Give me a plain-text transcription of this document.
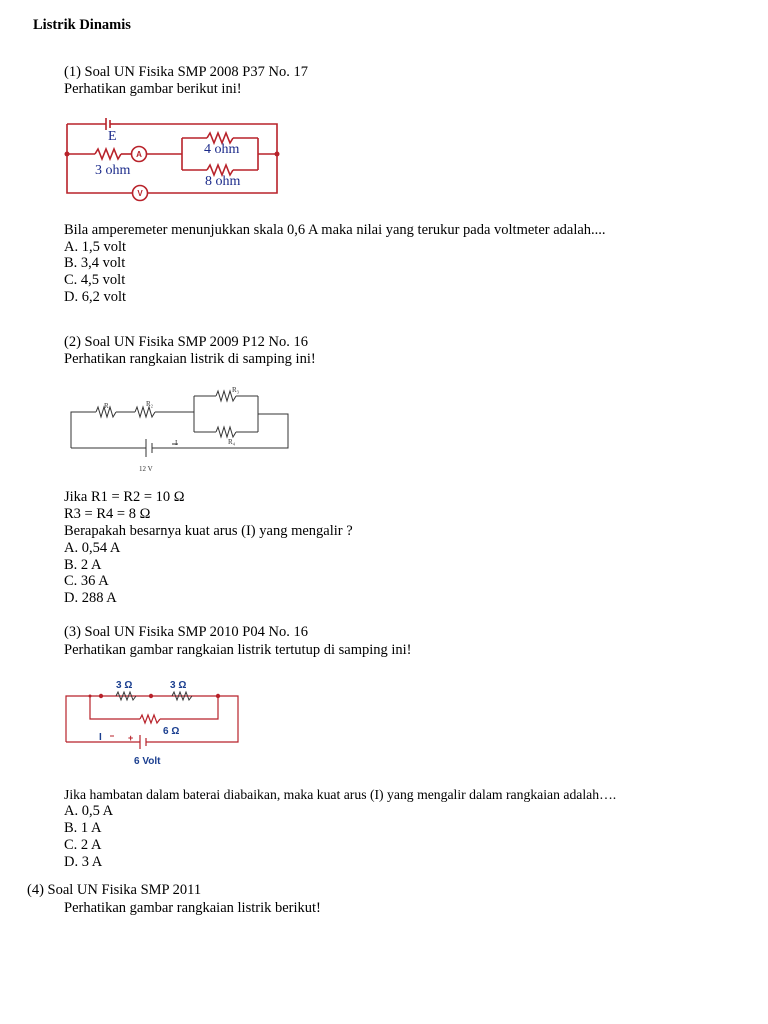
Listrik Dinamis
(1) Soal UN Fisika SMP 2008 P37 No. 17
Perhatikan gambar berikut ini!
E
3 ohm
4 ohm
8 ohm
A
V
Bila amperemeter menunjukkan skala 0,6 A maka nilai yang terukur pada voltmeter adalah....
A. 1,5 volt
B. 3,4 volt
C. 4,5 volt
D. 6,2 volt
(2) Soal UN Fisika SMP 2009 P12 No. 16
Perhatikan rangkaian listrik di samping ini!
R₁	R₂
R₃
R₄
I
12 V
Jika R1 = R2 = 10 Ω
R3 = R4 = 8 Ω
Berapakah besarnya kuat arus (I) yang mengalir ?
A. 0,54 A
B. 2 A
C. 36 A
D. 288 A
(3) Soal UN Fisika SMP 2010 P04 No. 16
Perhatikan gambar rangkaian listrik tertutup di samping ini!
3 Ω	3 Ω
6 Ω
I
6 Volt
+
Jika hambatan dalam baterai diabaikan, maka kuat arus (I) yang mengalir dalam rangkaian adalah….
A. 0,5 A
B. 1 A
C. 2 A
D. 3 A
(4) Soal UN Fisika SMP 2011
Perhatikan gambar rangkaian listrik berikut!
